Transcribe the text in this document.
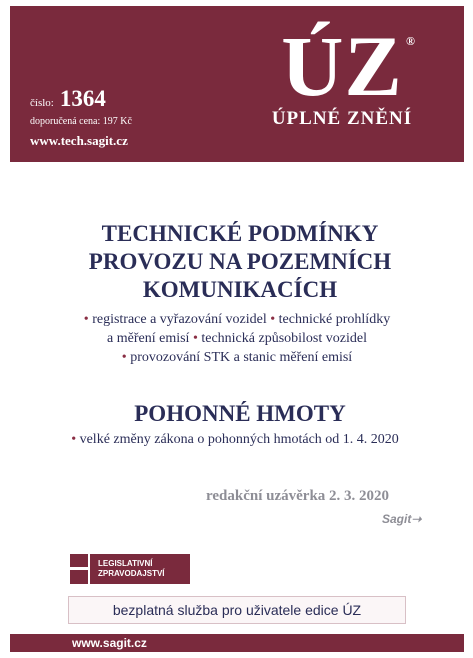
číslo: 1364
doporučená cena: 197 Kč
www.tech.sagit.cz
ÚZ ®
ÚPLNÉ ZNĚNÍ
TECHNICKÉ PODMÍNKY
PROVOZU NA POZEMNÍCH
KOMUNIKACÍCH
• registrace a vyřazování vozidel • technické prohlídky
a měření emisí • technická způsobilost vozidel
• provozování STK a stanic měření emisí
POHONNÉ HMOTY
• velké změny zákona o pohonných hmotách od 1. 4. 2020
redakční uzávěrka 2. 3. 2020
Sagit➝
LEGISLATIVNÍ
ZPRAVODAJSTVÍ
bezplatná služba pro uživatele edice ÚZ
www.sagit.cz
